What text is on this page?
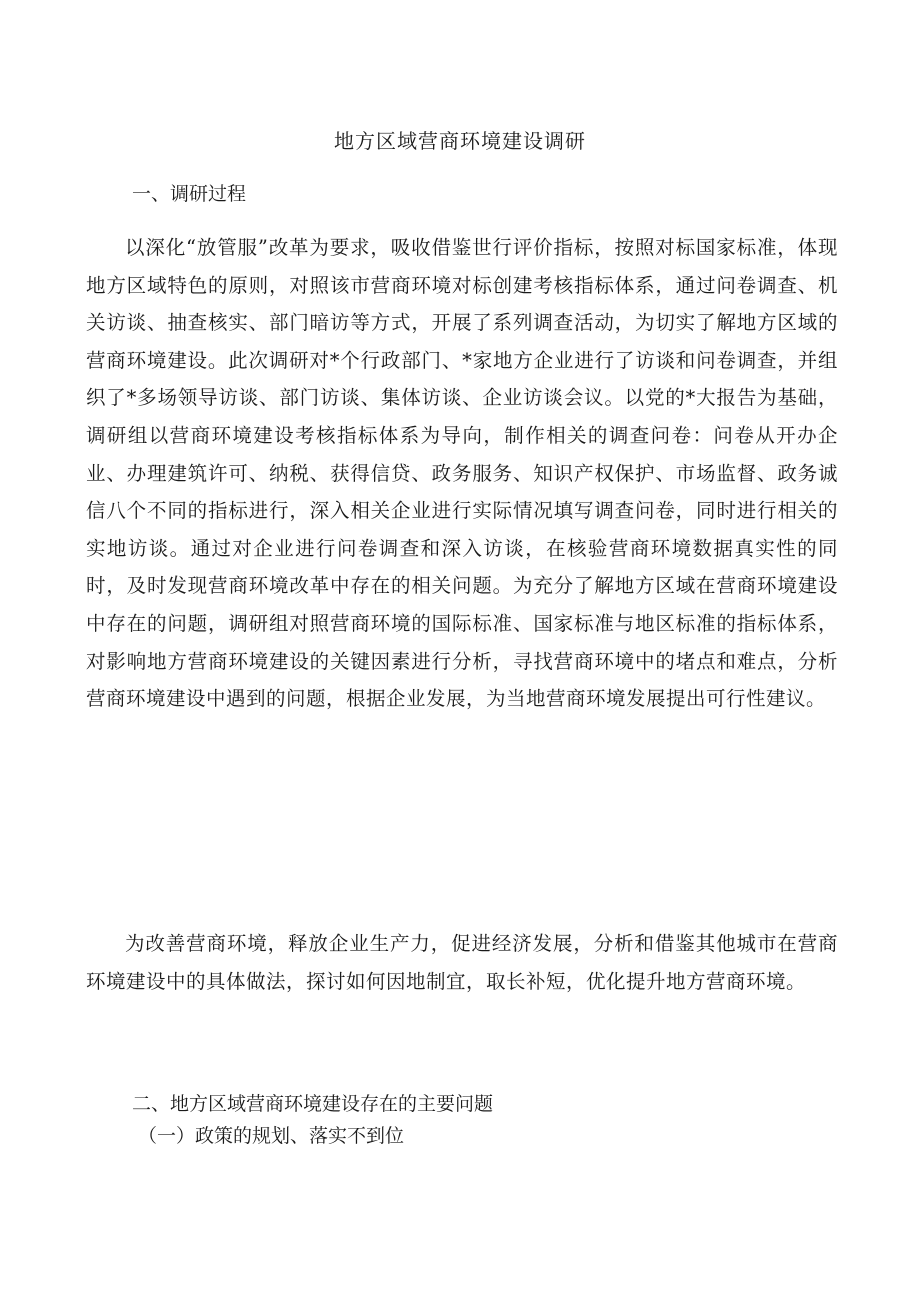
地方区域营商环境建设调研
一、调研过程
以深化“放管服”改革为要求，吸收借鉴世行评价指标，按照对标国家标准，体现地方区域特色的原则，对照该市营商环境对标创建考核指标体系，通过问卷调查、机关访谈、抽查核实、部门暗访等方式，开展了系列调查活动，为切实了解地方区域的营商环境建设。此次调研对*个行政部门、*家地方企业进行了访谈和问卷调查，并组织了*多场领导访谈、部门访谈、集体访谈、企业访谈会议。以党的*大报告为基础，调研组以营商环境建设考核指标体系为导向，制作相关的调查问卷：问卷从开办企业、办理建筑许可、纳税、获得信贷、政务服务、知识产权保护、市场监督、政务诚信八个不同的指标进行，深入相关企业进行实际情况填写调查问卷，同时进行相关的实地访谈。通过对企业进行问卷调查和深入访谈，在核验营商环境数据真实性的同时，及时发现营商环境改革中存在的相关问题。为充分了解地方区域在营商环境建设中存在的问题，调研组对照营商环境的国际标准、国家标准与地区标准的指标体系，对影响地方营商环境建设的关键因素进行分析，寻找营商环境中的堵点和难点，分析营商环境建设中遇到的问题，根据企业发展，为当地营商环境发展提出可行性建议。
为改善营商环境，释放企业生产力，促进经济发展，分析和借鉴其他城市在营商环境建设中的具体做法，探讨如何因地制宜，取长补短，优化提升地方营商环境。
二、地方区域营商环境建设存在的主要问题
（一）政策的规划、落实不到位
